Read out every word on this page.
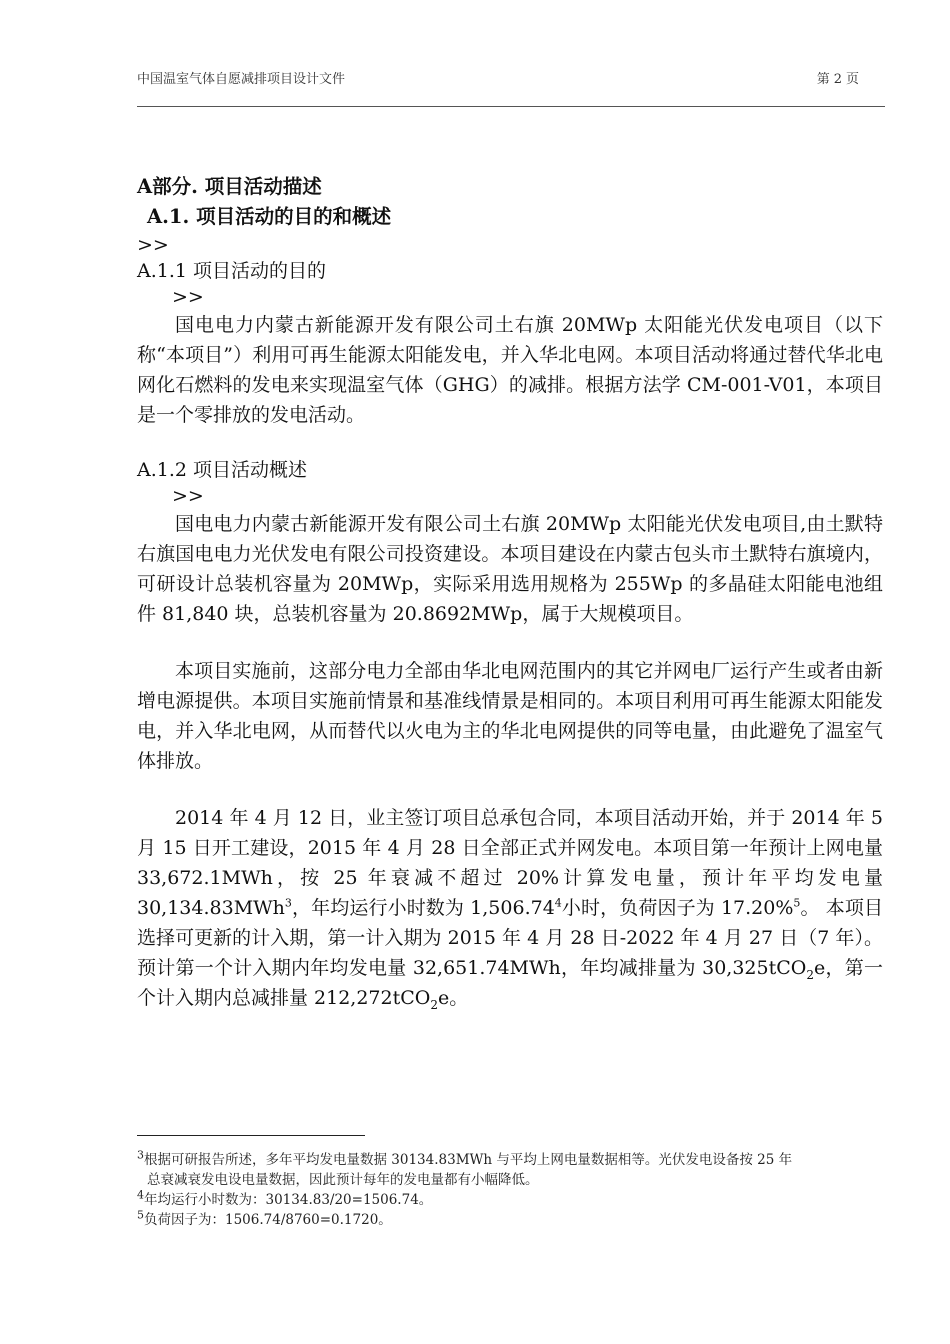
中国温室气体自愿减排项目设计文件	第 2 页
A部分. 项目活动描述
A.1. 项目活动的目的和概述
>>
A.1.1 项目活动的目的
>>

国电电力内蒙古新能源开发有限公司土右旗 20MWp 太阳能光伏发电项目（以下称“本项目”）利用可再生能源太阳能发电，并入华北电网。本项目活动将通过替代华北电网化石燃料的发电来实现温室气体（GHG）的减排。根据方法学 CM-001-V01，本项目是一个零排放的发电活动。

A.1.2 项目活动概述
>>

国电电力内蒙古新能源开发有限公司土右旗 20MWp 太阳能光伏发电项目,由土默特右旗国电电力光伏发电有限公司投资建设。本项目建设在内蒙古包头市土默特右旗境内，可研设计总装机容量为 20MWp，实际采用选用规格为 255Wp 的多晶硅太阳能电池组件 81,840 块，总装机容量为 20.8692MWp，属于大规模项目。

本项目实施前，这部分电力全部由华北电网范围内的其它并网电厂运行产生或者由新增电源提供。本项目实施前情景和基准线情景是相同的。本项目利用可再生能源太阳能发电，并入华北电网，从而替代以火电为主的华北电网提供的同等电量，由此避免了温室气体排放。

2014 年 4 月 12 日，业主签订项目总承包合同，本项目活动开始，并于 2014 年 5 月 15 日开工建设，2015 年 4 月 28 日全部正式并网发电。本项目第一年预计上网电量 33,672.1MWh，按 25 年衰减不超过 20%计算发电量，预计年平均发电量 30,134.83MWh$^3$，年均运行小时数为 1,506.74$^4$小时，负荷因子为 17.20%$^5$。 本项目选择可更新的计入期，第一计入期为 2015 年 4 月 28 日-2022 年 4 月 27 日（7 年）。预计第一个计入期内年均发电量 32,651.74MWh，年均减排量为 30,325tCO$_2$e，第一个计入期内总减排量 212,272tCO$_2$e。

$^3$根据可研报告所述，多年平均发电量数据 30134.83MWh 与平均上网电量数据相等。光伏发电设备按 25 年

总衰减衰发电设电量数据，因此预计每年的发电量都有小幅降低。

$^4$年均运行小时数为：30134.83/20=1506.74。

$^5$负荷因子为：1506.74/8760=0.1720。
